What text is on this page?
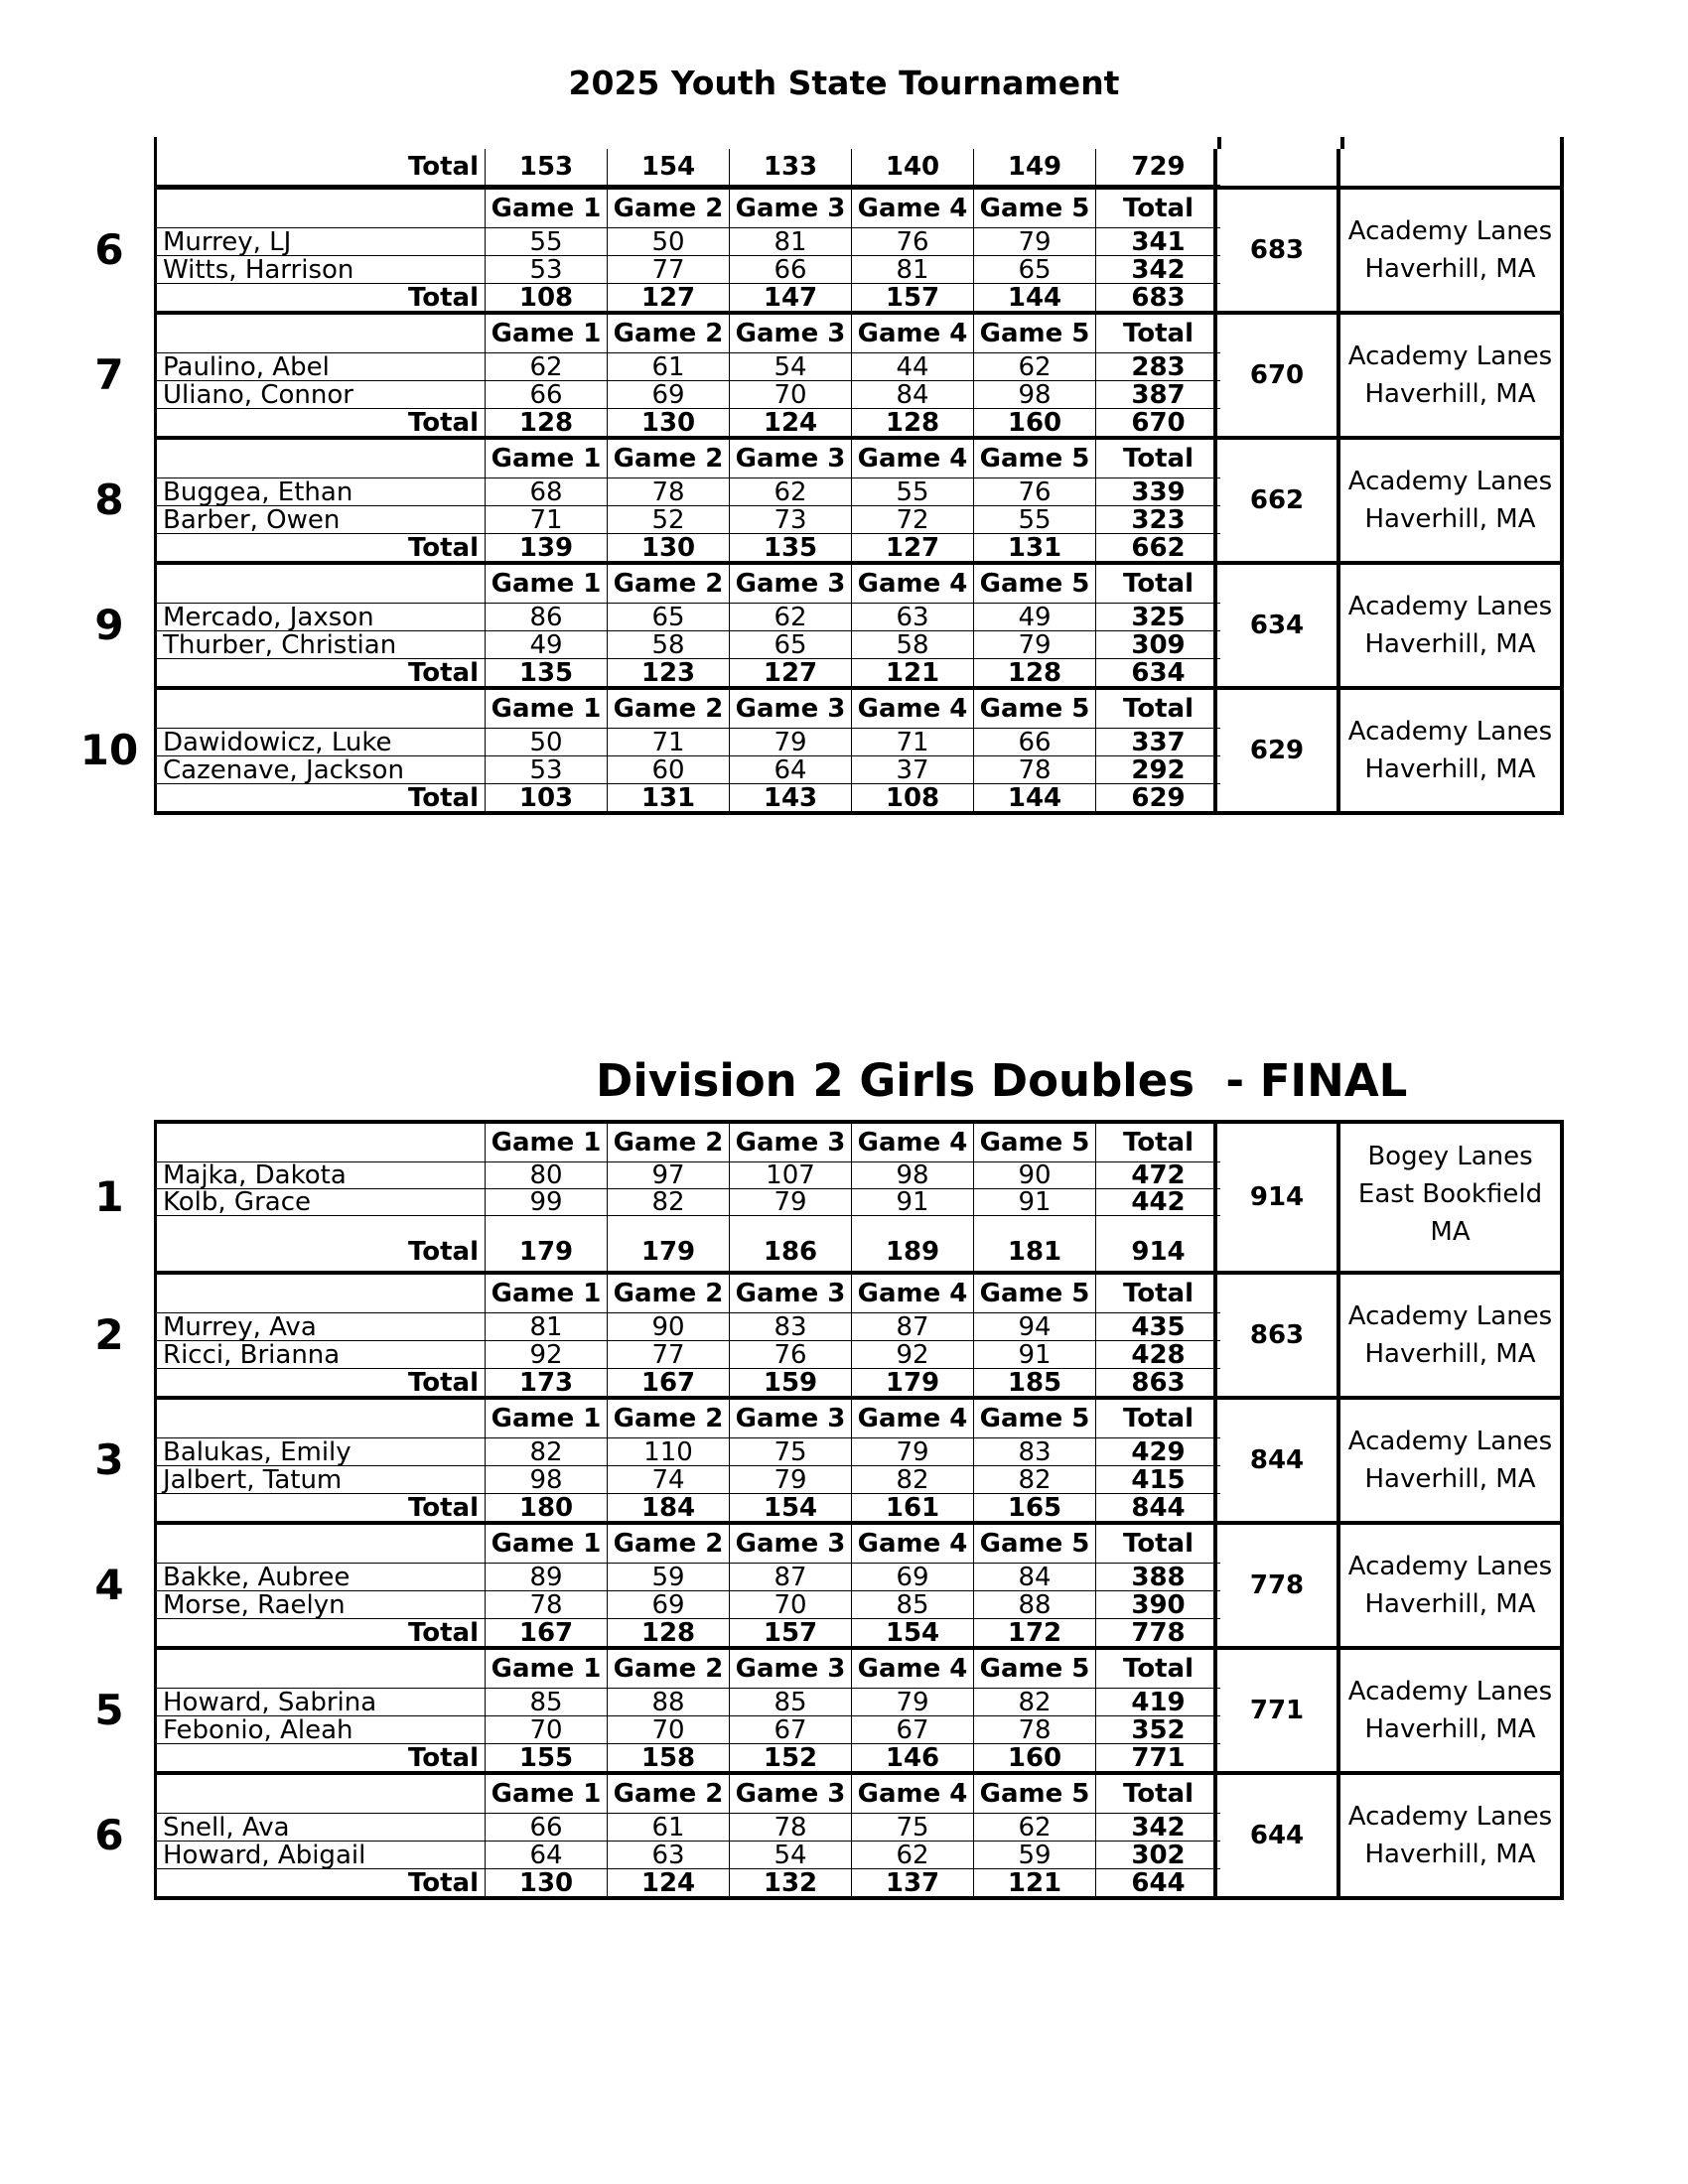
2025 Youth State Tournament
Total	153	154	133	140	149	729
6
Game 1 Game 2 Game 3 Game 4 Game 5	Total
Murrey, LJ	55	50	81	76	79	341
Witts, Harrison	53	77	66	81	65	342
Total	108	127	147	157	144	683
683
Academy Lanes
Haverhill, MA
7
Game 1 Game 2 Game 3 Game 4 Game 5	Total
Paulino, Abel	62	61	54	44	62	283
Uliano, Connor	66	69	70	84	98	387
Total	128	130	124	128	160	670
670
Academy Lanes
Haverhill, MA
8
Game 1 Game 2 Game 3 Game 4 Game 5	Total
Buggea, Ethan	68	78	62	55	76	339
Barber, Owen	71	52	73	72	55	323
Total	139	130	135	127	131	662
662
Academy Lanes
Haverhill, MA
9
Game 1 Game 2 Game 3 Game 4 Game 5	Total
Mercado, Jaxson	86	65	62	63	49	325
Thurber, Christian	49	58	65	58	79	309
Total	135	123	127	121	128	634
634
Academy Lanes
Haverhill, MA
10
Game 1 Game 2 Game 3 Game 4 Game 5	Total
Dawidowicz, Luke	50	71	79	71	66	337
Cazenave, Jackson	53	60	64	37	78	292
Total	103	131	143	108	144	629
629
Academy Lanes
Haverhill, MA
Division 2 Girls Doubles  - FINAL
1
Game 1 Game 2 Game 3 Game 4 Game 5	Total
Majka, Dakota	80	97	107	98	90	472
Kolb, Grace	99	82	79	91	91	442
Total	179	179	186	189	181	914
914
Bogey Lanes
East Bookfield
MA
2
Game 1 Game 2 Game 3 Game 4 Game 5	Total
Murrey, Ava	81	90	83	87	94	435
Ricci, Brianna	92	77	76	92	91	428
Total	173	167	159	179	185	863
863
Academy Lanes
Haverhill, MA
3
Game 1 Game 2 Game 3 Game 4 Game 5	Total
Balukas, Emily	82	110	75	79	83	429
Jalbert, Tatum	98	74	79	82	82	415
Total	180	184	154	161	165	844
844
Academy Lanes
Haverhill, MA
4
Game 1 Game 2 Game 3 Game 4 Game 5	Total
Bakke, Aubree	89	59	87	69	84	388
Morse, Raelyn	78	69	70	85	88	390
Total	167	128	157	154	172	778
778
Academy Lanes
Haverhill, MA
5
Game 1 Game 2 Game 3 Game 4 Game 5	Total
Howard, Sabrina	85	88	85	79	82	419
Febonio, Aleah	70	70	67	67	78	352
Total	155	158	152	146	160	771
771
Academy Lanes
Haverhill, MA
6
Game 1 Game 2 Game 3 Game 4 Game 5	Total
Snell, Ava	66	61	78	75	62	342
Howard, Abigail	64	63	54	62	59	302
Total	130	124	132	137	121	644
644
Academy Lanes
Haverhill, MA
